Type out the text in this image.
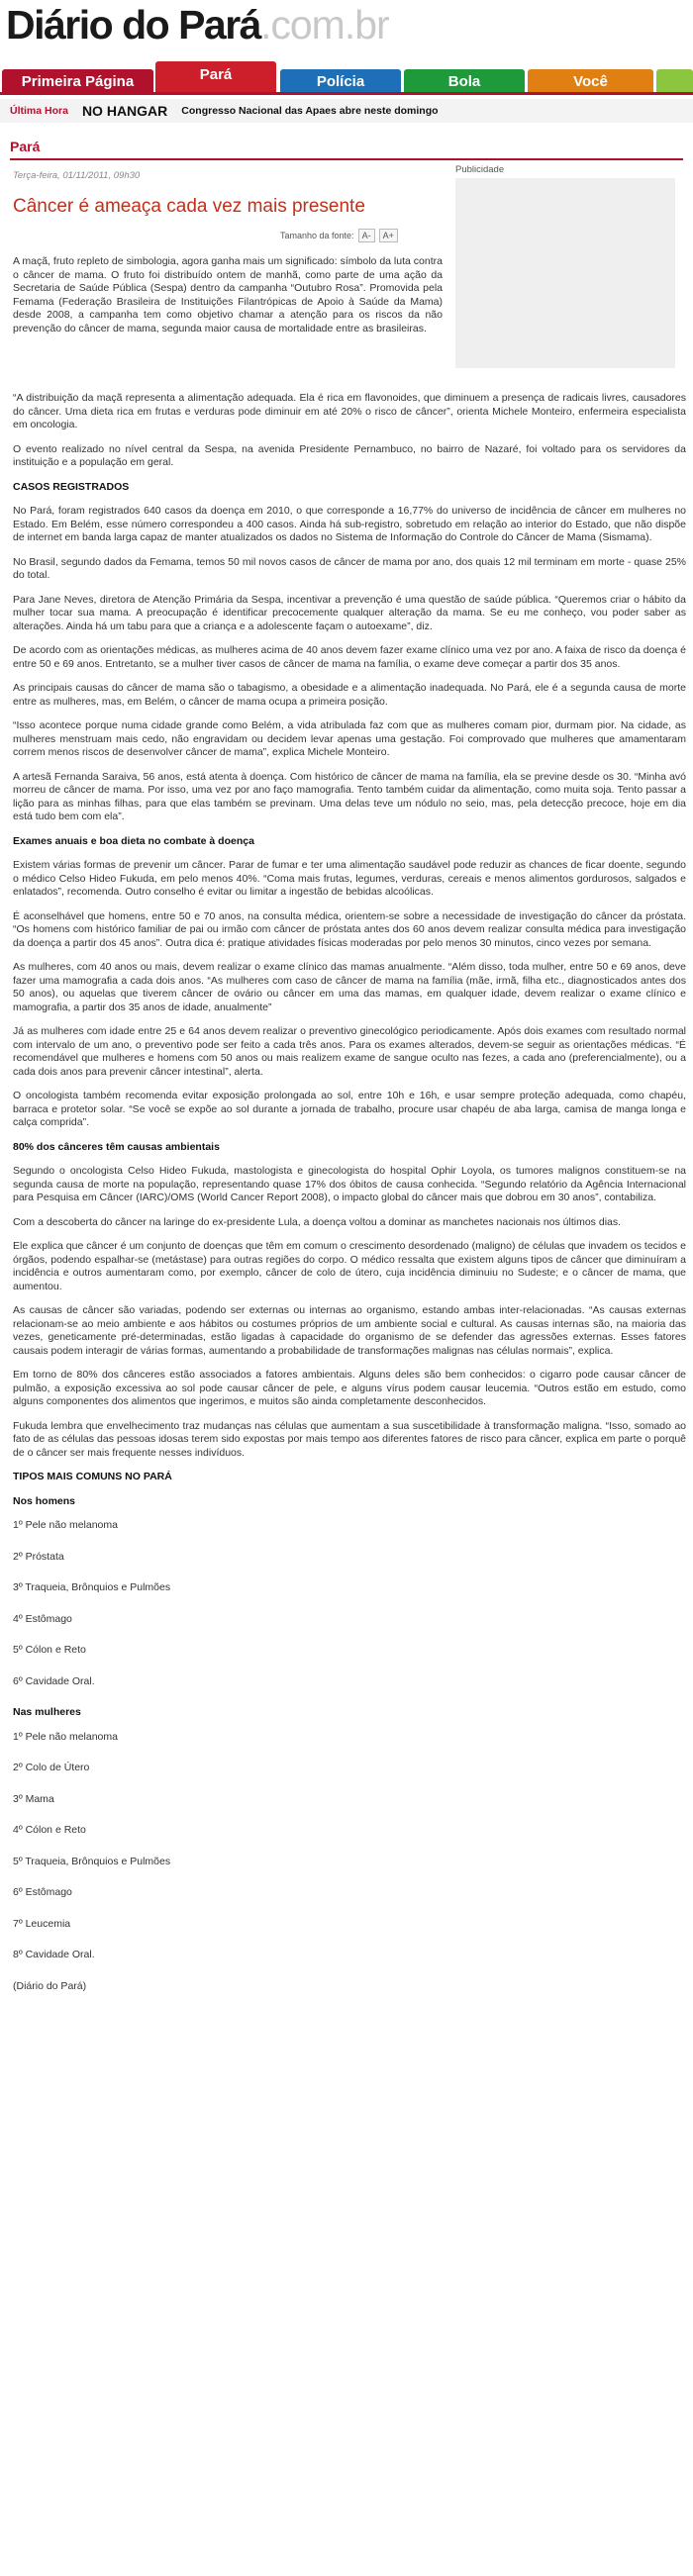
Diário do Pará.com.br
Primeira Página	Pará	Polícia	Bola	Você
Última Hora NO HANGAR Congresso Nacional das Apaes abre neste domingo
Pará
Terça-feira, 01/11/2011, 09h30
Câncer é ameaça cada vez mais presente
Tamanho da fonte: A-	A+
Publicidade

A maçã, fruto repleto de simbologia, agora ganha mais um significado: símbolo da luta contra o câncer de mama. O fruto foi distribuído ontem de manhã, como parte de uma ação da Secretaria de Saúde Pública (Sespa) dentro da campanha “Outubro Rosa”. Promovida pela Femama (Federação Brasileira de Instituições Filantrópicas de Apoio à Saúde da Mama) desde 2008, a campanha tem como objetivo chamar a atenção para os riscos da não prevenção do câncer de mama, segunda maior causa de mortalidade entre as brasileiras.

“A distribuição da maçã representa a alimentação adequada. Ela é rica em flavonoides, que diminuem a presença de radicais livres, causadores do câncer. Uma dieta rica em frutas e verduras pode diminuir em até 20% o risco de câncer”, orienta Michele Monteiro, enfermeira especialista em oncologia.

O evento realizado no nível central da Sespa, na avenida Presidente Pernambuco, no bairro de Nazaré, foi voltado para os servidores da instituição e a população em geral.

CASOS REGISTRADOS

No Pará, foram registrados 640 casos da doença em 2010, o que corresponde a 16,77% do universo de incidência de câncer em mulheres no Estado. Em Belém, esse número correspondeu a 400 casos. Ainda há sub-registro, sobretudo em relação ao interior do Estado, que não dispõe de internet em banda larga capaz de manter atualizados os dados no Sistema de Informação do Controle do Câncer de Mama (Sismama).

No Brasil, segundo dados da Femama, temos 50 mil novos casos de câncer de mama por ano, dos quais 12 mil terminam em morte - quase 25% do total.

Para Jane Neves, diretora de Atenção Primária da Sespa, incentivar a prevenção é uma questão de saúde pública. “Queremos criar o hábito da mulher tocar sua mama. A preocupação é identificar precocemente qualquer alteração da mama. Se eu me conheço, vou poder saber as alterações. Ainda há um tabu para que a criança e a adolescente façam o autoexame”, diz.

De acordo com as orientações médicas, as mulheres acima de 40 anos devem fazer exame clínico uma vez por ano. A faixa de risco da doença é entre 50 e 69 anos. Entretanto, se a mulher tiver casos de câncer de mama na família, o exame deve começar a partir dos 35 anos.

As principais causas do câncer de mama são o tabagismo, a obesidade e a alimentação inadequada. No Pará, ele é a segunda causa de morte entre as mulheres, mas, em Belém, o câncer de mama ocupa a primeira posição.

“Isso acontece porque numa cidade grande como Belém, a vida atribulada faz com que as mulheres comam pior, durmam pior. Na cidade, as mulheres menstruam mais cedo, não engravidam ou decidem levar apenas uma gestação. Foi comprovado que mulheres que amamentaram correm menos riscos de desenvolver câncer de mama”, explica Michele Monteiro.

A artesã Fernanda Saraiva, 56 anos, está atenta à doença. Com histórico de câncer de mama na família, ela se previne desde os 30. “Minha avó morreu de câncer de mama. Por isso, uma vez por ano faço mamografia. Tento também cuidar da alimentação, como muita soja. Tento passar a lição para as minhas filhas, para que elas também se previnam. Uma delas teve um nódulo no seio, mas, pela detecção precoce, hoje em dia está tudo bem com ela”.

Exames anuais e boa dieta no combate à doença

Existem várias formas de prevenir um câncer. Parar de fumar e ter uma alimentação saudável pode reduzir as chances de ficar doente, segundo o médico Celso Hideo Fukuda, em pelo menos 40%. “Coma mais frutas, legumes, verduras, cereais e menos alimentos gordurosos, salgados e enlatados”, recomenda. Outro conselho é evitar ou limitar a ingestão de bebidas alcoólicas.

É aconselhável que homens, entre 50 e 70 anos, na consulta médica, orientem-se sobre a necessidade de investigação do câncer da próstata. “Os homens com histórico familiar de pai ou irmão com câncer de próstata antes dos 60 anos devem realizar consulta médica para investigação da doença a partir dos 45 anos”. Outra dica é: pratique atividades físicas moderadas por pelo menos 30 minutos, cinco vezes por semana.

As mulheres, com 40 anos ou mais, devem realizar o exame clínico das mamas anualmente. “Além disso, toda mulher, entre 50 e 69 anos, deve fazer uma mamografia a cada dois anos. “As mulheres com caso de câncer de mama na família (mãe, irmã, filha etc., diagnosticados antes dos 50 anos), ou aquelas que tiverem câncer de ovário ou câncer em uma das mamas, em qualquer idade, devem realizar o exame clínico e mamografia, a partir dos 35 anos de idade, anualmente”

Já as mulheres com idade entre 25 e 64 anos devem realizar o preventivo ginecológico periodicamente. Após dois exames com resultado normal com intervalo de um ano, o preventivo pode ser feito a cada três anos. Para os exames alterados, devem-se seguir as orientações médicas. “É recomendável que mulheres e homens com 50 anos ou mais realizem exame de sangue oculto nas fezes, a cada ano (preferencialmente), ou a cada dois anos para prevenir câncer intestinal”, alerta.

O oncologista também recomenda evitar exposição prolongada ao sol, entre 10h e 16h, e usar sempre proteção adequada, como chapéu, barraca e protetor solar. “Se você se expõe ao sol durante a jornada de trabalho, procure usar chapéu de aba larga, camisa de manga longa e calça comprida”.

80% dos cânceres têm causas ambientais

Segundo o oncologista Celso Hideo Fukuda, mastologista e ginecologista do hospital Ophir Loyola, os tumores malignos constituem-se na segunda causa de morte na população, representando quase 17% dos óbitos de causa conhecida. “Segundo relatório da Agência Internacional para Pesquisa em Câncer (IARC)/OMS (World Cancer Report 2008), o impacto global do câncer mais que dobrou em 30 anos”, contabiliza.

Com a descoberta do câncer na laringe do ex-presidente Lula, a doença voltou a dominar as manchetes nacionais nos últimos dias.

Ele explica que câncer é um conjunto de doenças que têm em comum o crescimento desordenado (maligno) de células que invadem os tecidos e órgãos, podendo espalhar-se (metástase) para outras regiões do corpo. O médico ressalta que existem alguns tipos de câncer que diminuíram a incidência e outros aumentaram como, por exemplo, câncer de colo de útero, cuja incidência diminuiu no Sudeste; e o câncer de mama, que aumentou.

As causas de câncer são variadas, podendo ser externas ou internas ao organismo, estando ambas inter-relacionadas. “As causas externas relacionam-se ao meio ambiente e aos hábitos ou costumes próprios de um ambiente social e cultural. As causas internas são, na maioria das vezes, geneticamente pré-determinadas, estão ligadas à capacidade do organismo de se defender das agressões externas. Esses fatores causais podem interagir de várias formas, aumentando a probabilidade de transformações malignas nas células normais”, explica.

Em torno de 80% dos cânceres estão associados a fatores ambientais. Alguns deles são bem conhecidos: o cigarro pode causar câncer de pulmão, a exposição excessiva ao sol pode causar câncer de pele, e alguns vírus podem causar leucemia. “Outros estão em estudo, como alguns componentes dos alimentos que ingerimos, e muitos são ainda completamente desconhecidos.

Fukuda lembra que envelhecimento traz mudanças nas células que aumentam a sua suscetibilidade à transformação maligna. “Isso, somado ao fato de as células das pessoas idosas terem sido expostas por mais tempo aos diferentes fatores de risco para câncer, explica em parte o porquê de o câncer ser mais frequente nesses indivíduos.

TIPOS MAIS COMUNS NO PARÁ

Nos homens

1º Pele não melanoma

2º Próstata

3º Traqueia, Brônquios e Pulmões

4º Estômago

5º Cólon e Reto

6º Cavidade Oral.

Nas mulheres

1º Pele não melanoma

2º Colo de Útero

3º Mama

4º Cólon e Reto

5º Traqueia, Brônquios e Pulmões

6º Estômago

7º Leucemia

8º Cavidade Oral.

(Diário do Pará)
